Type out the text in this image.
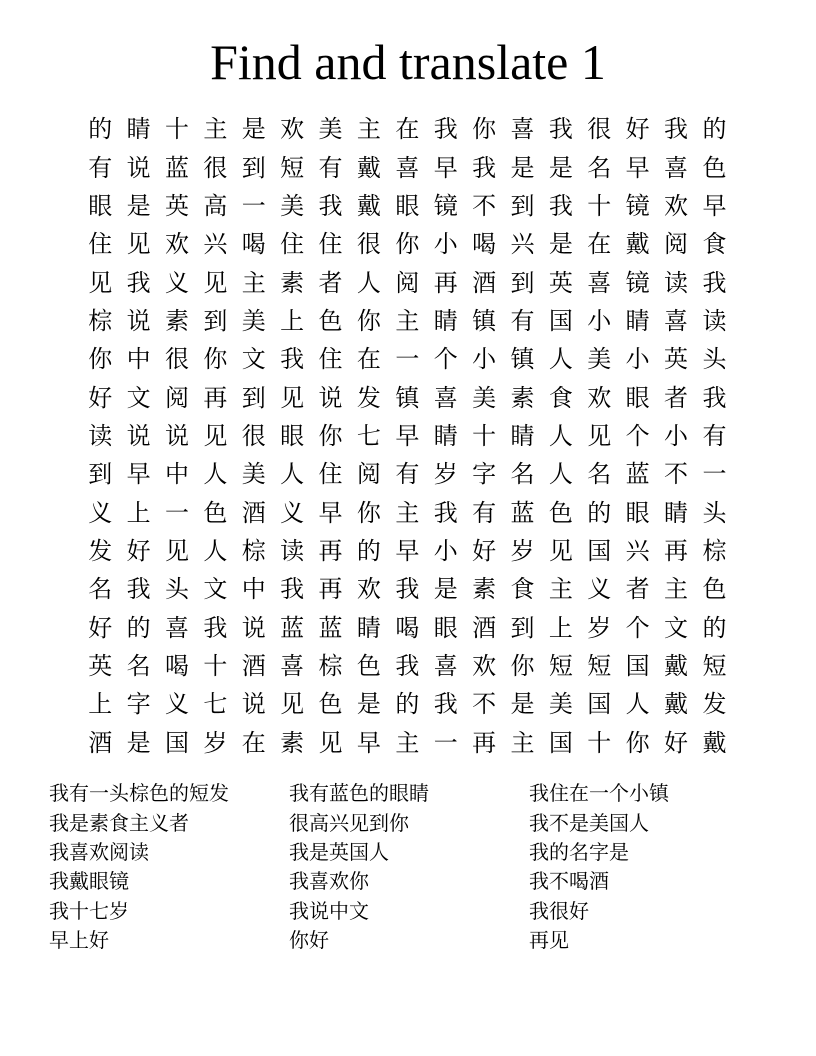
Find and translate 1
的 睛 十 主 是 欢 美 主 在 我 你 喜 我 很 好 我 的
有 说 蓝 很 到 短 有 戴 喜 早 我 是 是 名 早 喜 色
眼 是 英 高 一 美 我 戴 眼 镜 不 到 我 十 镜 欢 早
住 见 欢 兴 喝 住 住 很 你 小 喝 兴 是 在 戴 阅 食
见 我 义 见 主 素 者 人 阅 再 酒 到 英 喜 镜 读 我
棕 说 素 到 美 上 色 你 主 睛 镇 有 国 小 睛 喜 读
你 中 很 你 文 我 住 在 一 个 小 镇 人 美 小 英 头
好 文 阅 再 到 见 说 发 镇 喜 美 素 食 欢 眼 者 我
读 说 说 见 很 眼 你 七 早 睛 十 睛 人 见 个 小 有
到 早 中 人 美 人 住 阅 有 岁 字 名 人 名 蓝 不 一
义 上 一 色 酒 义 早 你 主 我 有 蓝 色 的 眼 睛 头
发 好 见 人 棕 读 再 的 早 小 好 岁 见 国 兴 再 棕
名 我 头 文 中 我 再 欢 我 是 素 食 主 义 者 主 色
好 的 喜 我 说 蓝 蓝 睛 喝 眼 酒 到 上 岁 个 文 的
英 名 喝 十 酒 喜 棕 色 我 喜 欢 你 短 短 国 戴 短
上 字 义 七 说 见 色 是 的 我 不 是 美 国 人 戴 发
酒 是 国 岁 在 素 见 早 主 一 再 主 国 十 你 好 戴
我有一头棕色的短发	我有蓝色的眼睛	我住在一个小镇
我是素食主义者	很高兴见到你	我不是美国人
我喜欢阅读	我是英国人	我的名字是
我戴眼镜	我喜欢你	我不喝酒
我十七岁	我说中文	我很好
早上好	你好	再见
